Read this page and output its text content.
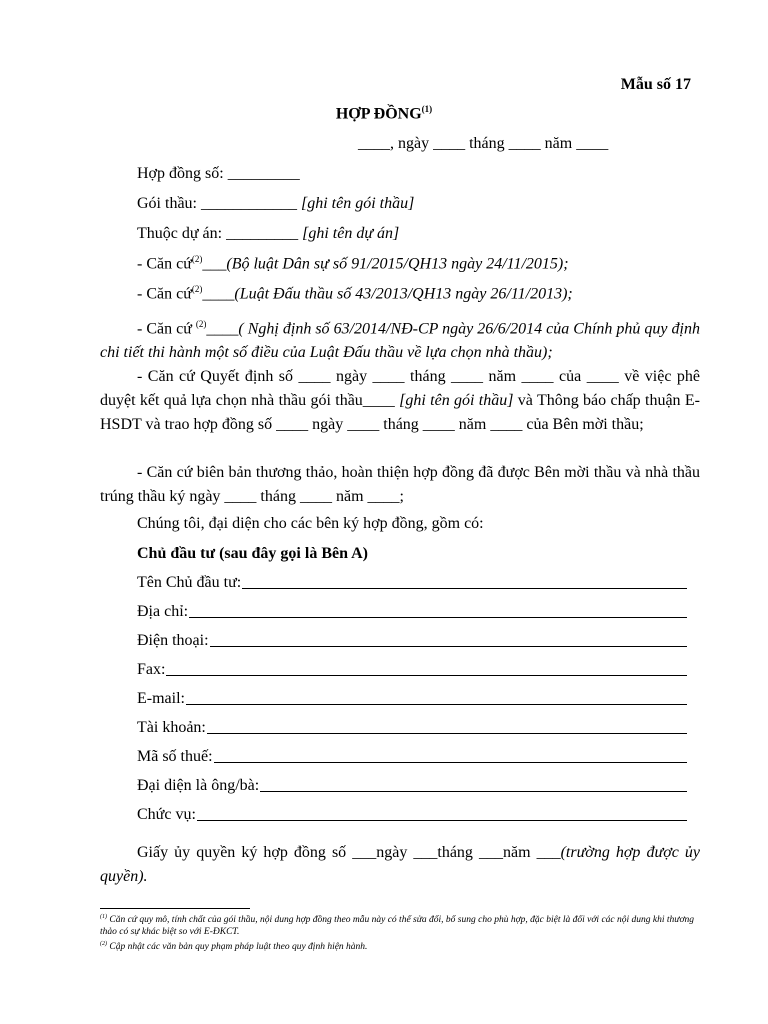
Mẫu số 17
HỢP ĐỒNG$^{(1)}$
____, ngày ____ tháng ____ năm ____
Hợp đồng số: _________
Gói thầu: ____________ [ghi tên gói thầu]
Thuộc dự án: _________ [ghi tên dự án]
- Căn cứ$^{(2)}$___(Bộ luật Dân sự số 91/2015/QH13 ngày 24/11/2015);
- Căn cứ$^{(2)}$____(Luật Đấu thầu số 43/2013/QH13 ngày 26/11/2013);
- Căn cứ $^{(2)}$____( Nghị định số 63/2014/NĐ-CP ngày 26/6/2014 của Chính phủ quy định chi tiết thi hành một số điều của Luật Đấu thầu về lựa chọn nhà thầu);
- Căn cứ Quyết định số ____ ngày ____ tháng ____ năm ____ của ____ về việc phê duyệt kết quả lựa chọn nhà thầu gói thầu____ [ghi tên gói thầu] và Thông báo chấp thuận E-HSDT và trao hợp đồng số ____ ngày ____ tháng ____ năm ____ của Bên mời thầu;
- Căn cứ biên bản thương thảo, hoàn thiện hợp đồng đã được Bên mời thầu và nhà thầu trúng thầu ký ngày ____ tháng ____ năm ____;
Chúng tôi, đại diện cho các bên ký hợp đồng, gồm có:
Chủ đầu tư (sau đây gọi là Bên A)
Tên Chủ đầu tư:
Địa chỉ:
Điện thoại:
Fax:
E-mail:
Tài khoản:
Mã số thuế:
Đại diện là ông/bà:
Chức vụ:
Giấy ủy quyền ký hợp đồng số ___ngày ___tháng ___năm ___(trường hợp được ủy quyền).
$^{(1)}$ Căn cứ quy mô, tính chất của gói thầu, nội dung hợp đồng theo mẫu này có thể sửa đổi, bổ sung cho phù hợp, đặc biệt là đối với các nội dung khi thương thảo có sự khác biệt so với E-ĐKCT.
$^{(2)}$ Cập nhật các văn bản quy phạm pháp luật theo quy định hiện hành.
